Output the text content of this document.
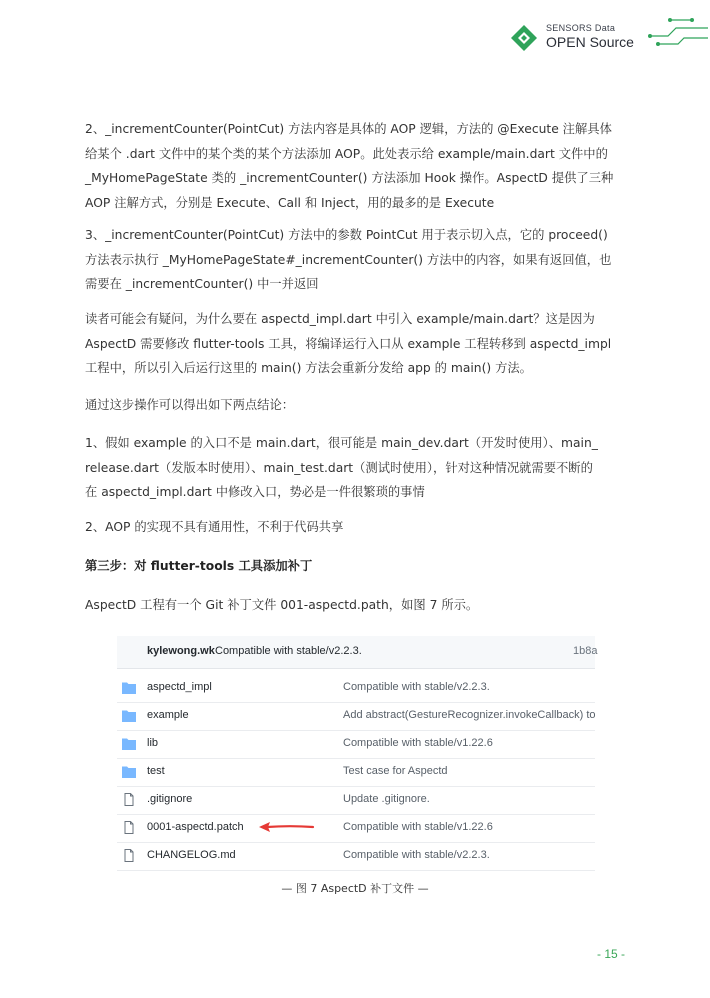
SENSORS Data
OPEN Source
2、_incrementCounter(PointCut) 方法内容是具体的 AOP 逻辑，方法的 @Execute 注解具体
给某个 .dart 文件中的某个类的某个方法添加 AOP。此处表示给 example/main.dart 文件中的
_MyHomePageState 类的 _incrementCounter() 方法添加 Hook 操作。AspectD 提供了三种
AOP 注解方式，分别是 Execute、Call 和 Inject，用的最多的是 Execute
3、_incrementCounter(PointCut) 方法中的参数 PointCut 用于表示切入点，它的 proceed()
方法表示执行 _MyHomePageState#_incrementCounter() 方法中的内容，如果有返回值，也
需要在 _incrementCounter() 中一并返回
读者可能会有疑问，为什么要在 aspectd_impl.dart 中引入 example/main.dart？这是因为
AspectD 需要修改 flutter-tools 工具，将编译运行入口从 example 工程转移到 aspectd_impl
工程中，所以引入后运行这里的 main() 方法会重新分发给 app 的 main() 方法。
通过这步操作可以得出如下两点结论：
1、假如 example 的入口不是 main.dart，很可能是 main_dev.dart（开发时使用）、main_
release.dart（发版本时使用）、main_test.dart（测试时使用），针对这种情况就需要不断的
在 aspectd_impl.dart 中修改入口，势必是一件很繁琐的事情
2、AOP 的实现不具有通用性，不利于代码共享
第三步：对 flutter-tools 工具添加补丁
AspectD 工程有一个 Git 补丁文件 001-aspectd.path，如图 7 所示。
kylewong.wk Compatible with stable/v2.2.3.	1b8a
aspectd_impl	Compatible with stable/v2.2.3.
example	Add abstract(GestureRecognizer.invokeCallback) to
lib	Compatible with stable/v1.22.6
test	Test case for Aspectd
.gitignore	Update .gitignore.
0001-aspectd.patch	Compatible with stable/v1.22.6
CHANGELOG.md	Compatible with stable/v2.2.3.
— 图 7 AspectD 补丁文件 —
- 15 -
